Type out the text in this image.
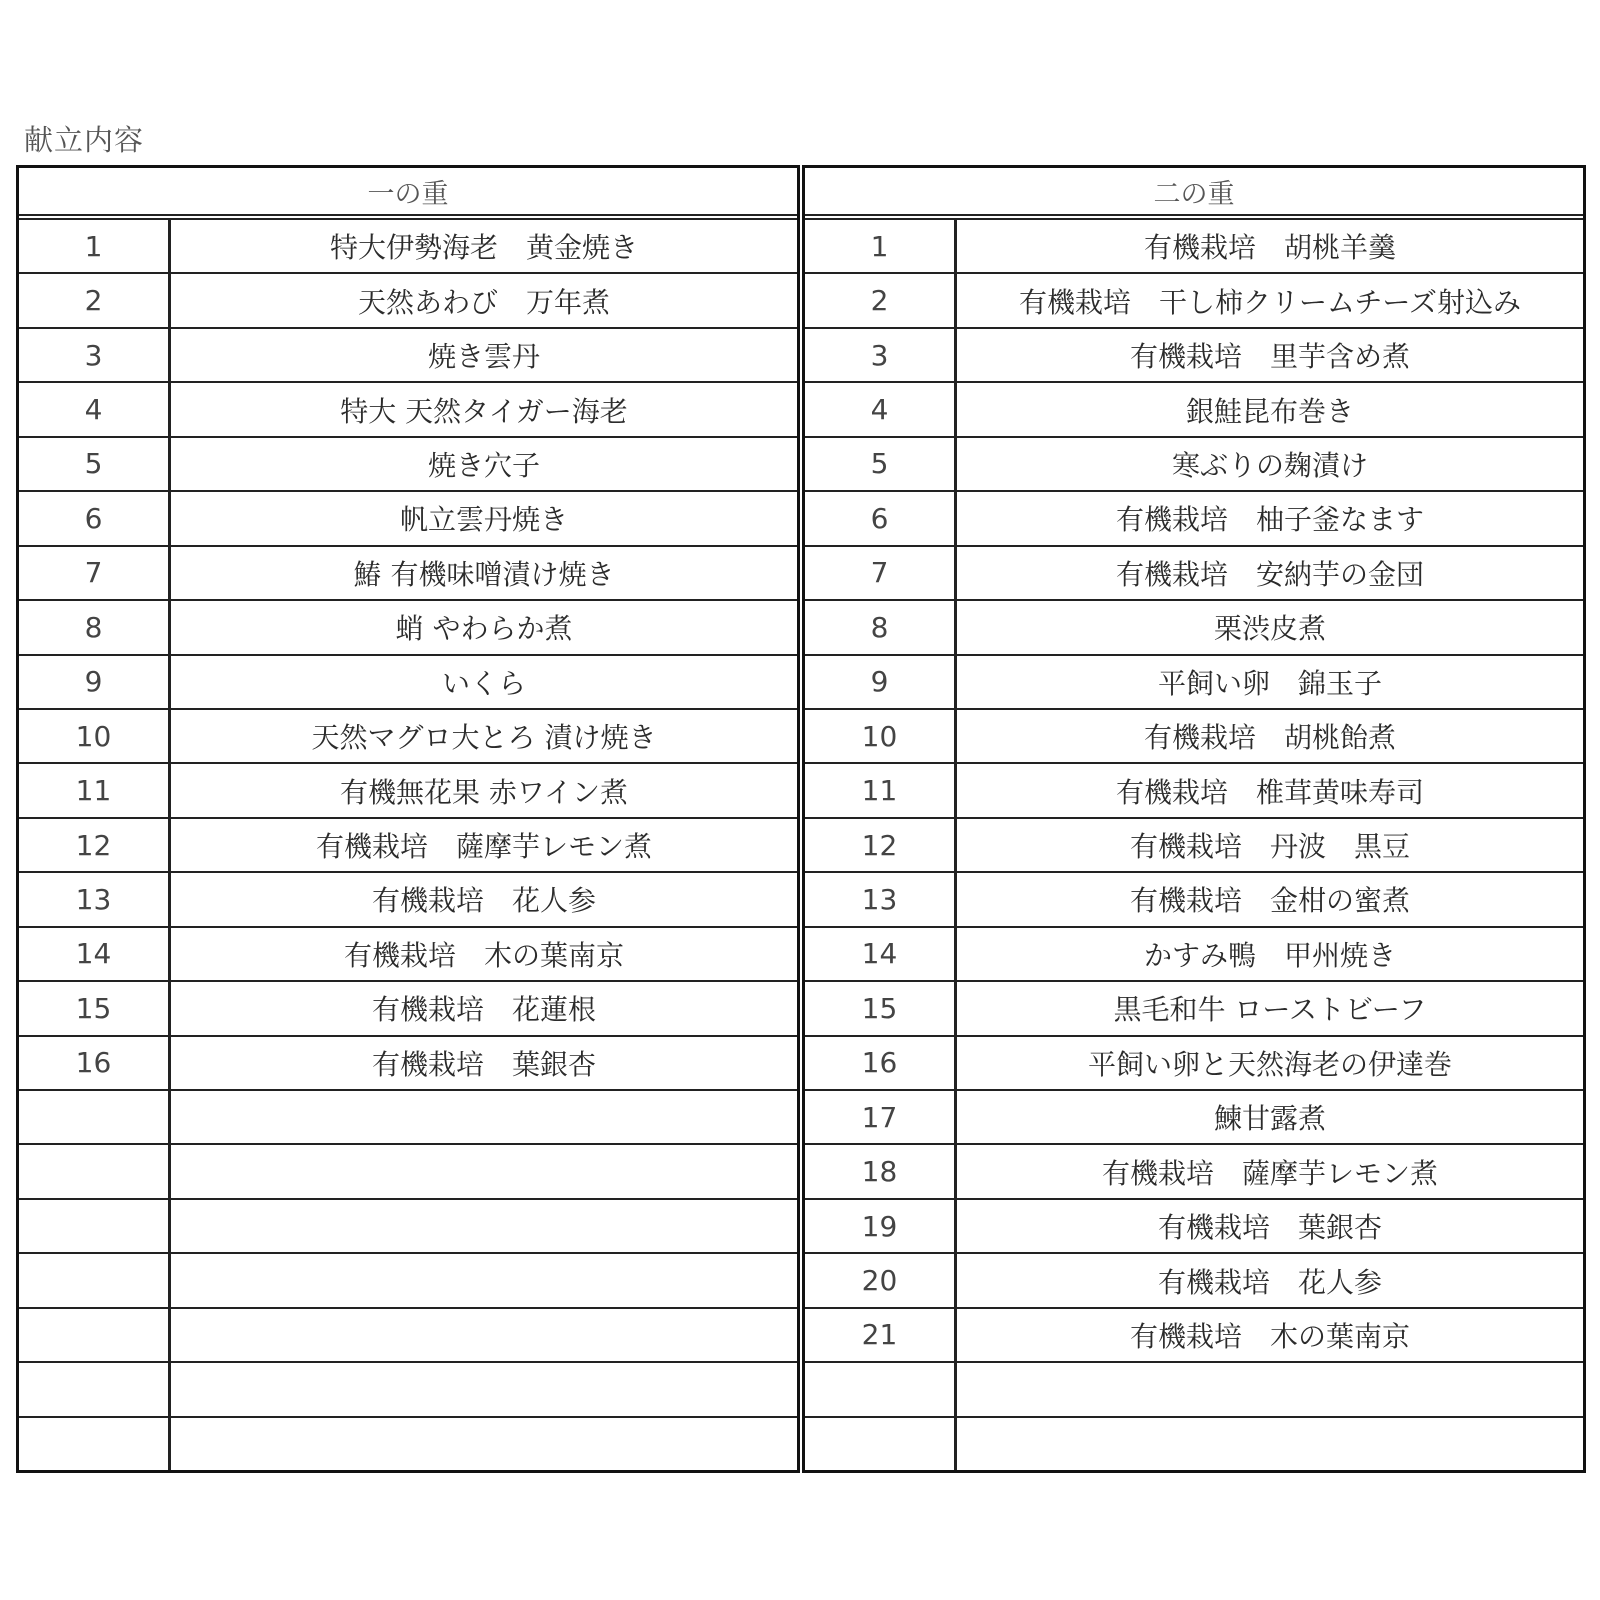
献立内容
一の重
1	特大伊勢海老　黄金焼き
2	天然あわび　万年煮
3	焼き雲丹
4	特大 天然タイガー海老
5	焼き穴子
6	帆立雲丹焼き
7	鰆 有機味噌漬け焼き
8	蛸 やわらか煮
9	いくら
10	天然マグロ大とろ 漬け焼き
11	有機無花果 赤ワイン煮
12	有機栽培　薩摩芋レモン煮
13	有機栽培　花人参
14	有機栽培　木の葉南京
15	有機栽培　花蓮根
16	有機栽培　葉銀杏
二の重
1	有機栽培　胡桃羊羹
2	有機栽培　干し柿クリームチーズ射込み
3	有機栽培　里芋含め煮
4	銀鮭昆布巻き
5	寒ぶりの麹漬け
6	有機栽培　柚子釜なます
7	有機栽培　安納芋の金団
8	栗渋皮煮
9	平飼い卵　錦玉子
10	有機栽培　胡桃飴煮
11	有機栽培　椎茸黄味寿司
12	有機栽培　丹波　黒豆
13	有機栽培　金柑の蜜煮
14	かすみ鴨　甲州焼き
15	黒毛和牛 ローストビーフ
16	平飼い卵と天然海老の伊達巻
17	鰊甘露煮
18	有機栽培　薩摩芋レモン煮
19	有機栽培　葉銀杏
20	有機栽培　花人参
21	有機栽培　木の葉南京
